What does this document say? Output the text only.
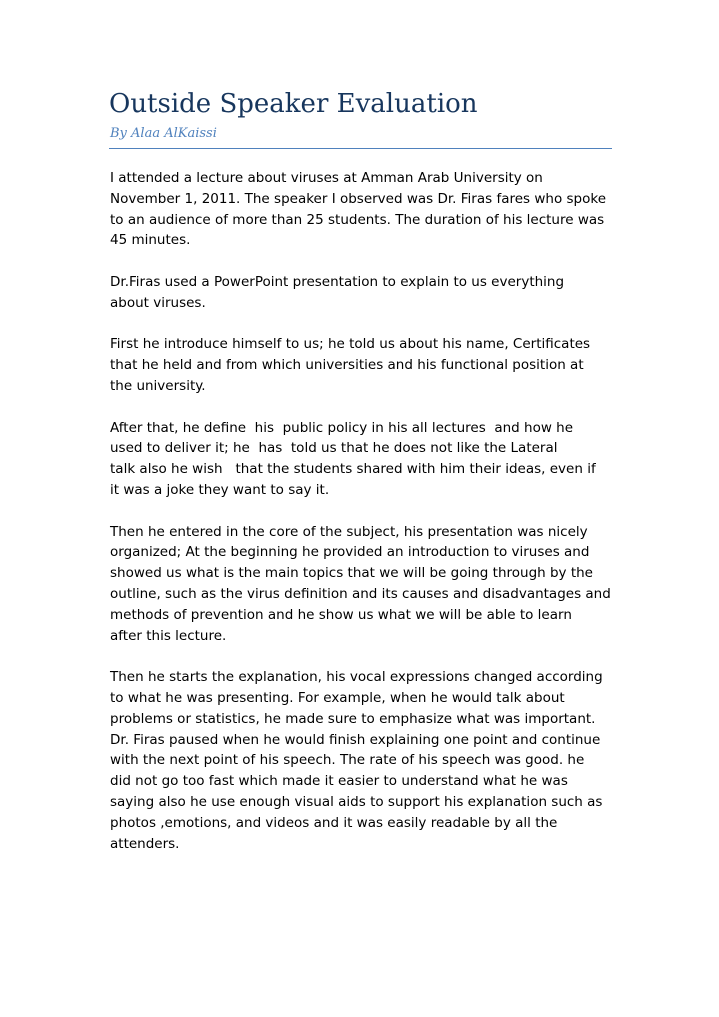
Outside Speaker Evaluation
By Alaa AlKaissi
I attended a lecture about viruses at Amman Arab University on
November 1, 2011. The speaker I observed was Dr. Firas fares who spoke
to an audience of more than 25 students. The duration of his lecture was
45 minutes.
Dr.Firas used a PowerPoint presentation to explain to us everything
about viruses.
First he introduce himself to us; he told us about his name, Certificates
that he held and from which universities and his functional position at
the university.
After that, he define  his  public policy in his all lectures  and how he
used to deliver it; he  has  told us that he does not like the Lateral
talk also he wish   that the students shared with him their ideas, even if
it was a joke they want to say it.
Then he entered in the core of the subject, his presentation was nicely
organized; At the beginning he provided an introduction to viruses and
showed us what is the main topics that we will be going through by the
outline, such as the virus definition and its causes and disadvantages and
methods of prevention and he show us what we will be able to learn
after this lecture.
Then he starts the explanation, his vocal expressions changed according
to what he was presenting. For example, when he would talk about
problems or statistics, he made sure to emphasize what was important.
Dr. Firas paused when he would finish explaining one point and continue
with the next point of his speech. The rate of his speech was good. he
did not go too fast which made it easier to understand what he was
saying also he use enough visual aids to support his explanation such as
photos ,emotions, and videos and it was easily readable by all the
attenders.
